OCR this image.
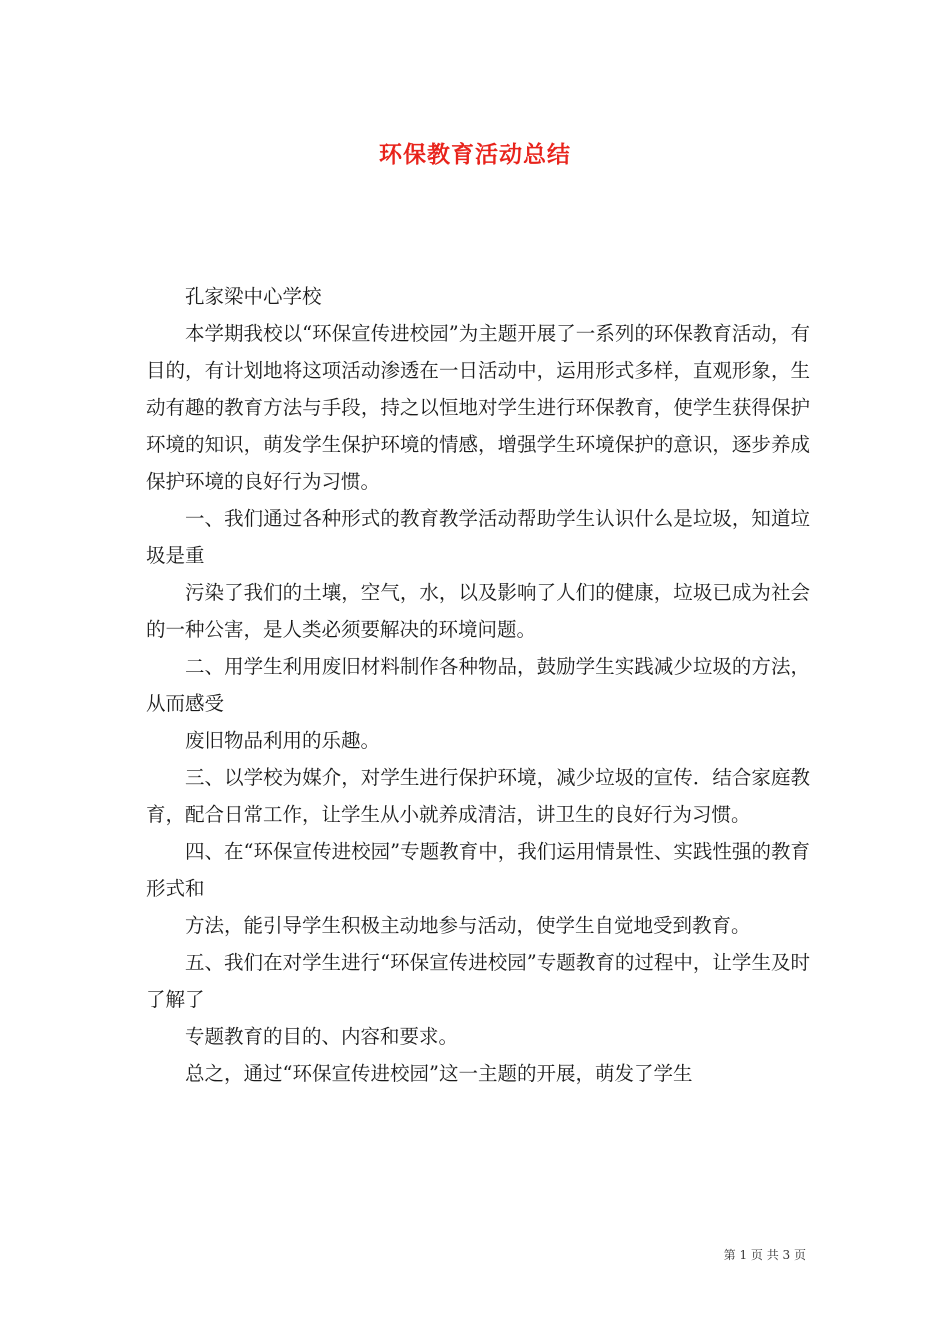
环保教育活动总结

孔家梁中心学校

本学期我校以“环保宣传进校园”为主题开展了一系列的环保教育活动，有目的，有计划地将这项活动渗透在一日活动中，运用形式多样，直观形象，生动有趣的教育方法与手段，持之以恒地对学生进行环保教育，使学生获得保护环境的知识，萌发学生保护环境的情感，增强学生环境保护的意识，逐步养成保护环境的良好行为习惯。

一、我们通过各种形式的教育教学活动帮助学生认识什么是垃圾，知道垃圾是重

污染了我们的土壤，空气，水，以及影响了人们的健康，垃圾已成为社会的一种公害，是人类必须要解决的环境问题。

二、用学生利用废旧材料制作各种物品，鼓励学生实践减少垃圾的方法，从而感受

废旧物品利用的乐趣。

三、以学校为媒介，对学生进行保护环境，减少垃圾的宣传．结合家庭教育，配合日常工作，让学生从小就养成清洁，讲卫生的良好行为习惯。

四、在“环保宣传进校园”专题教育中，我们运用情景性、实践性强的教育形式和

方法，能引导学生积极主动地参与活动，使学生自觉地受到教育。

五、我们在对学生进行“环保宣传进校园”专题教育的过程中，让学生及时了解了

专题教育的目的、内容和要求。

总之，通过“环保宣传进校园”这一主题的开展，萌发了学生

第 1 页 共 3 页
